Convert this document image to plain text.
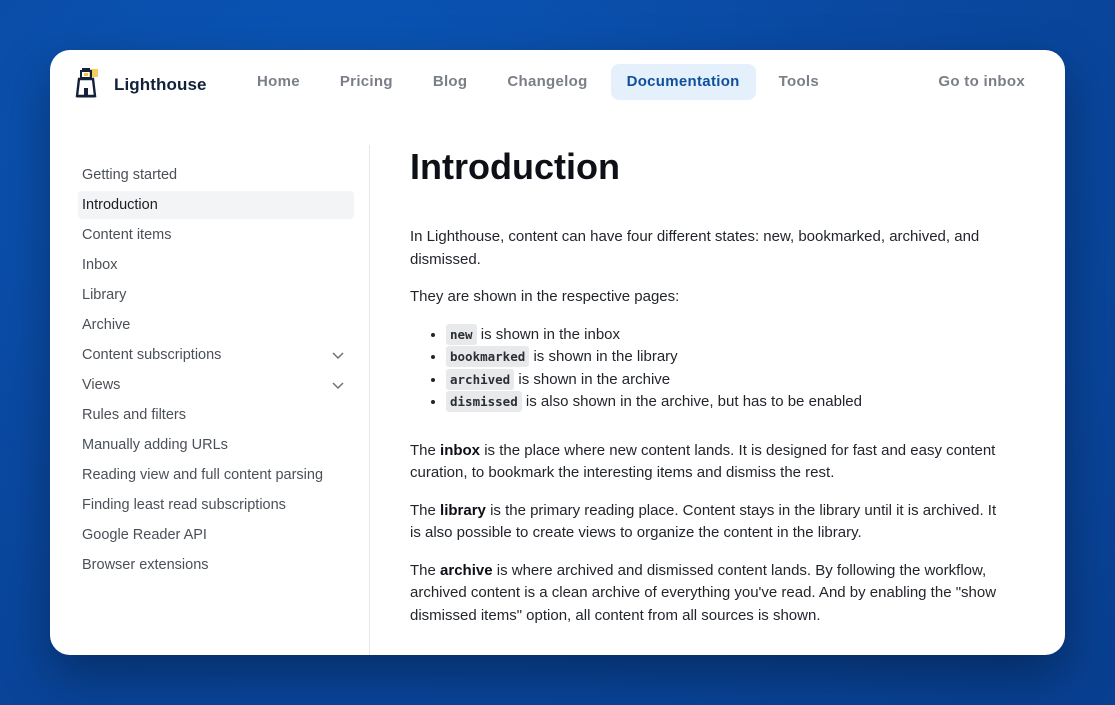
Lighthouse	Home	Pricing	Blog	Changelog	Documentation	Tools	Go to inbox
Getting started
Introduction
Content items
Inbox
Library
Archive
Content subscriptions
Views
Rules and filters
Manually adding URLs
Reading view and full content parsing
Finding least read subscriptions
Google Reader API
Browser extensions
Introduction

In Lighthouse, content can have four different states: new, bookmarked, archived, and dismissed.

They are shown in the respective pages:

• new is shown in the inbox
• bookmarked is shown in the library
• archived is shown in the archive
• dismissed is also shown in the archive, but has to be enabled

The inbox is the place where new content lands. It is designed for fast and easy content curation, to bookmark the interesting items and dismiss the rest.

The library is the primary reading place. Content stays in the library until it is archived. It is also possible to create views to organize the content in the library.

The archive is where archived and dismissed content lands. By following the workflow, archived content is a clean archive of everything you've read. And by enabling the "show dismissed items" option, all content from all sources is shown.
